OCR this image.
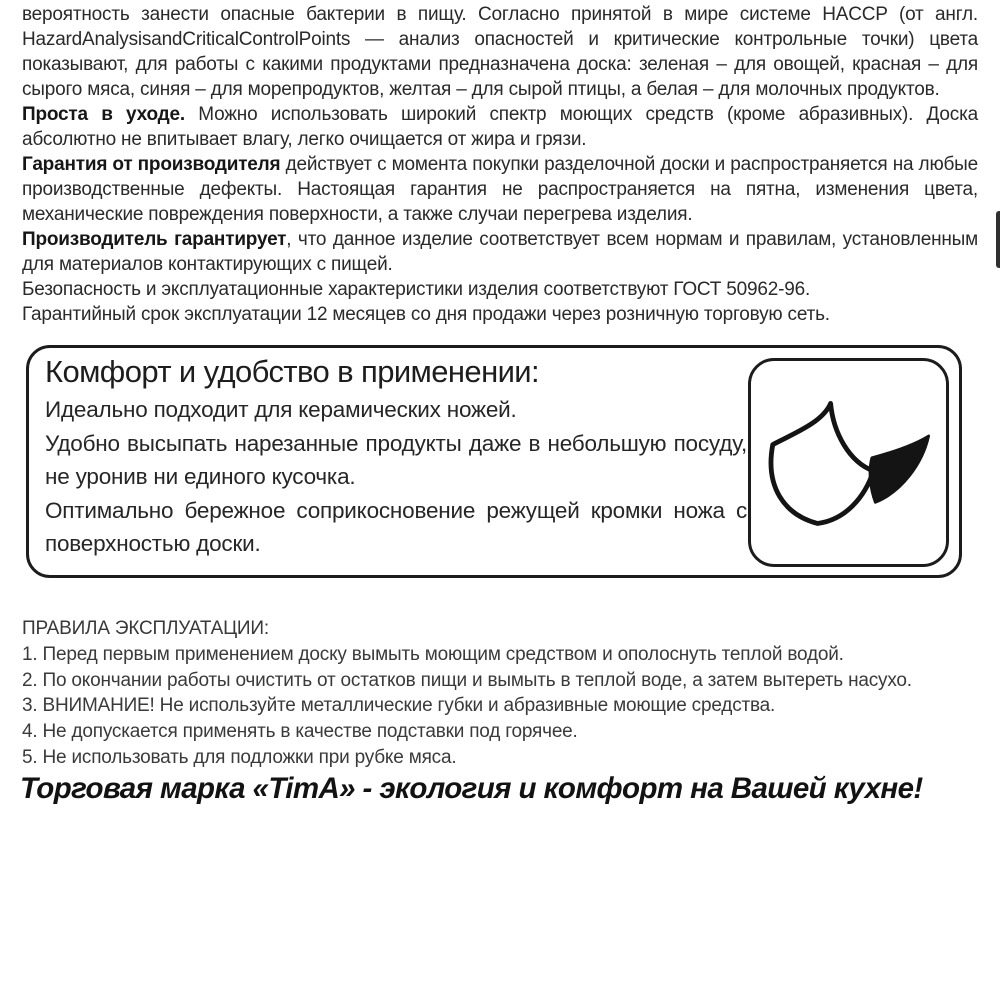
вероятность занести опасные бактерии в пищу. Согласно принятой в мире системе HACCP (от англ. HazardAnalysisandCriticalControlPoints — анализ опасностей и критические контрольные точки) цвета показывают, для работы с какими продуктами предназначена доска: зеленая – для овощей, красная – для сырого мяса, синяя – для морепродуктов, желтая – для сырой птицы, а белая – для молочных продуктов.

Проста в уходе. Можно использовать широкий спектр моющих средств (кроме абразивных). Доска абсолютно не впитывает влагу, легко очищается от жира и грязи.

Гарантия от производителя действует с момента покупки разделочной доски и распространяется на любые производственные дефекты. Настоящая гарантия не распространяется на пятна, изменения цвета, механические повреждения поверхности, а также случаи перегрева изделия.

Производитель гарантирует, что данное изделие соответствует всем нормам и правилам, установленным для материалов контактирующих с пищей.

Безопасность и эксплуатационные характеристики изделия соответствуют ГОСТ 50962-96.

Гарантийный срок эксплуатации 12 месяцев со дня продажи через розничную торговую сеть.

Комфорт и удобство в применении:

Идеально подходит для керамических ножей.

Удобно высыпать нарезанные продукты даже в небольшую посуду, не уронив ни единого кусочка.

Оптимально бережное соприкосновение режущей кромки ножа с поверхностью доски.

ПРАВИЛА ЭКСПЛУАТАЦИИ:

1. Перед первым применением доску вымыть моющим средством и ополоснуть теплой водой.

2. По окончании работы очистить от остатков пищи и вымыть в теплой воде, а затем вытереть насухо.

3. ВНИМАНИЕ! Не используйте металлические губки и абразивные моющие средства.

4. Не допускается применять в качестве подставки под горячее.

5. Не использовать для подложки при рубке мяса.

Торговая марка «TimA» - экология и комфорт на Вашей кухне!
